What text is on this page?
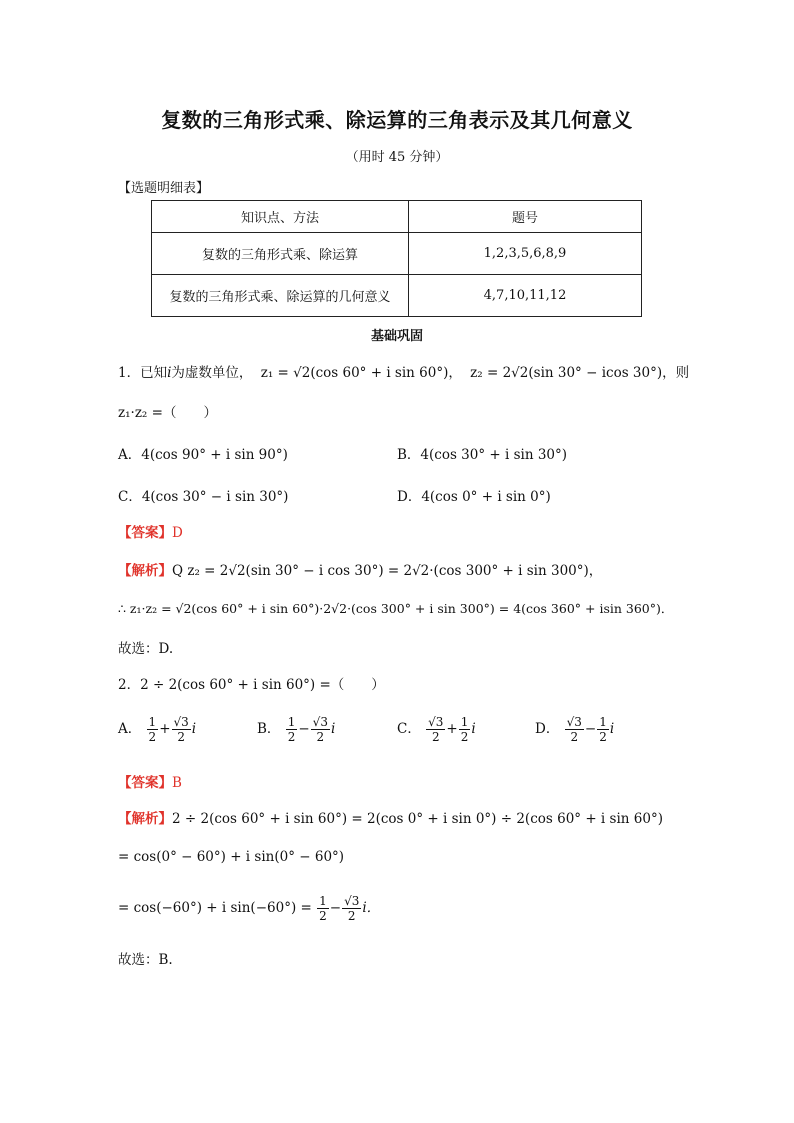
复数的三角形式乘、除运算的三角表示及其几何意义
（用时 45 分钟）
【选题明细表】
知识点、方法	题号
复数的三角形式乘、除运算	1,2,3,5,6,8,9
复数的三角形式乘、除运算的几何意义	4,7,10,11,12
基础巩固
1．已知i为虚数单位， z₁ = √2(cos 60° + i sin 60°)， z₂ = 2√2(sin 30° − icos 30°)，则
z₁·z₂ =（　　）
A．4(cos 90° + i sin 90°)	B．4(cos 30° + i sin 30°)
C．4(cos 30° − i sin 30°)	D．4(cos 0° + i sin 0°)
【答案】D
【解析】Q z₂ = 2√2(sin 30° − i cos 30°) = 2√2·(cos 300° + i sin 300°)，
∴ z₁·z₂ = √2(cos 60° + i sin 60°)·2√2·(cos 300° + i sin 300°) = 4(cos 360° + isin 360°)．
故选：D.
2．2 ÷ 2(cos 60° + i sin 60°) =（　　）
A． $\frac{1}{2} + \frac{√3}{2}$ i	B． $\frac{1}{2} - \frac{√3}{2}$ i	C． $\frac{√3}{2} + \frac{1}{2}$ i	D． $\frac{√3}{2} - \frac{1}{2}$ i
【答案】B
【解析】2 ÷ 2(cos 60° + i sin 60°) = 2(cos 0° + i sin 0°) ÷ 2(cos 60° + i sin 60°)
= cos(0° − 60°) + i sin(0° − 60°)
= cos(−60°) + i $\sin(-60^\circ) = \frac{1}{2} - \frac{√3}{2}$ i．
故选：B.
